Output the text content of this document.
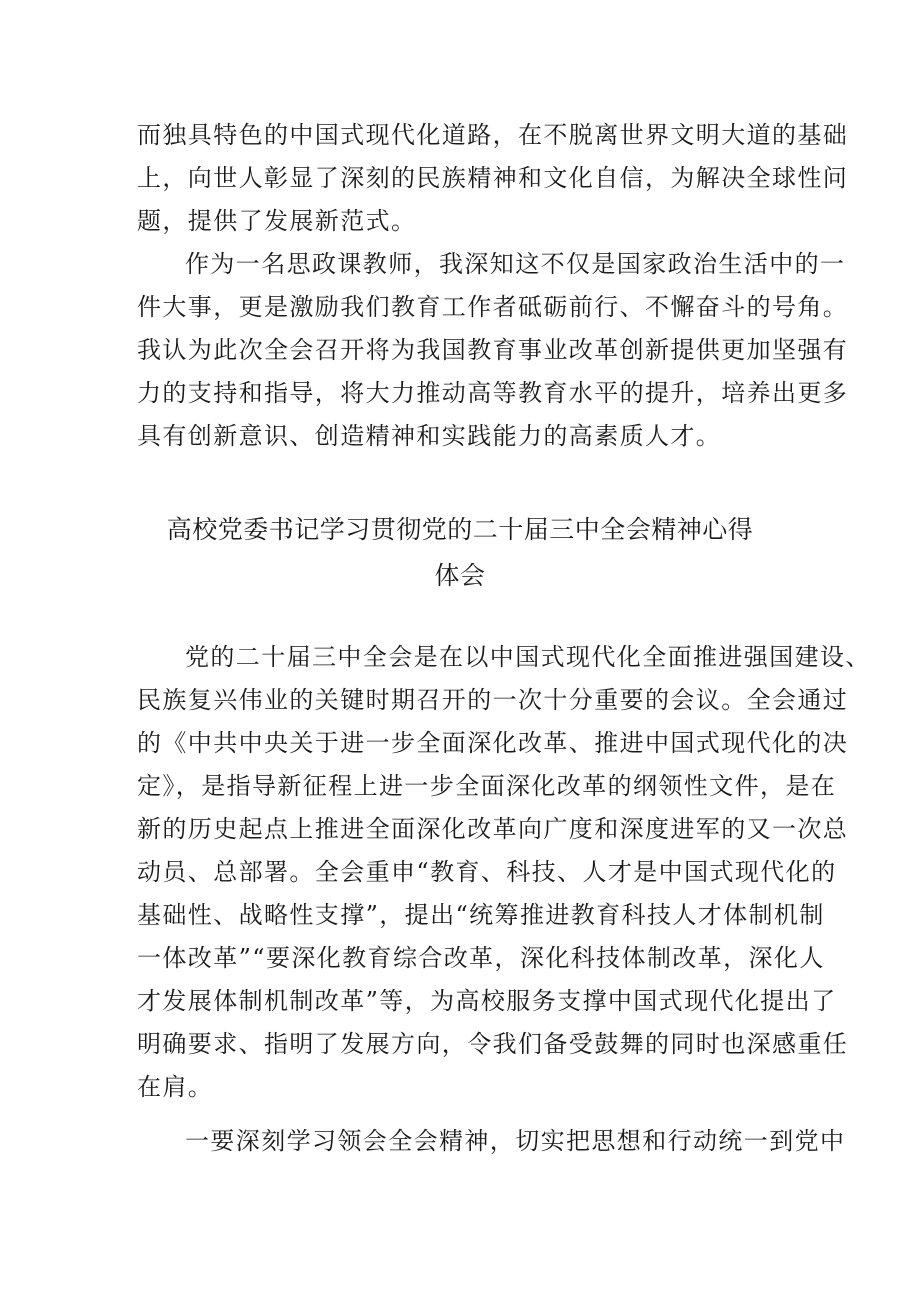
而独具特色的中国式现代化道路，在不脱离世界文明大道的基础
上，向世人彰显了深刻的民族精神和文化自信，为解决全球性问
题，提供了发展新范式。
作为一名思政课教师，我深知这不仅是国家政治生活中的一
件大事，更是激励我们教育工作者砥砺前行、不懈奋斗的号角。
我认为此次全会召开将为我国教育事业改革创新提供更加坚强有
力的支持和指导，将大力推动高等教育水平的提升，培养出更多
具有创新意识、创造精神和实践能力的高素质人才。
高校党委书记学习贯彻党的二十届三中全会精神心得
体会
党的二十届三中全会是在以中国式现代化全面推进强国建设、
民族复兴伟业的关键时期召开的一次十分重要的会议。全会通过
的《中共中央关于进一步全面深化改革、推进中国式现代化的决
定》，是指导新征程上进一步全面深化改革的纲领性文件，是在
新的历史起点上推进全面深化改革向广度和深度进军的又一次总
动员、总部署。全会重申“教育、科技、人才是中国式现代化的
基础性、战略性支撑”，提出“统筹推进教育科技人才体制机制
一体改革”“要深化教育综合改革，深化科技体制改革，深化人
才发展体制机制改革”等，为高校服务支撑中国式现代化提出了
明确要求、指明了发展方向，令我们备受鼓舞的同时也深感重任
在肩。
一要深刻学习领会全会精神，切实把思想和行动统一到党中
